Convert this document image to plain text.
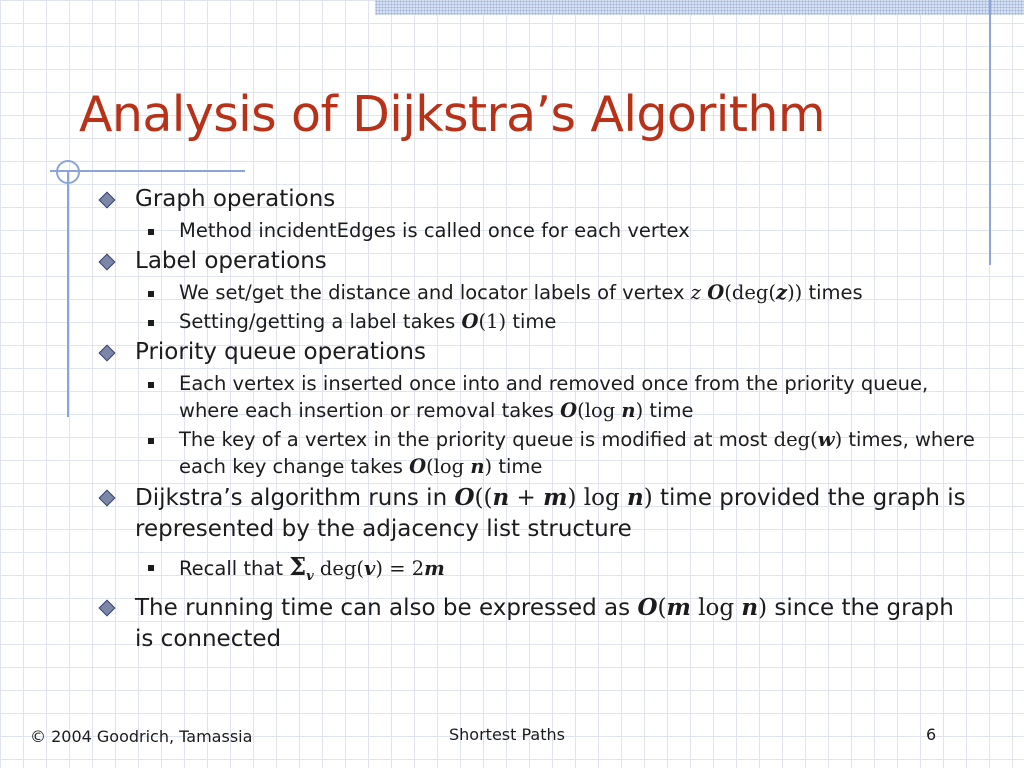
Analysis of Dijkstra’s Algorithm
Graph operations
Method incidentEdges is called once for each vertex
Label operations
We set/get the distance and locator labels of vertex z O(deg(z)) times
Setting/getting a label takes O(1) time
Priority queue operations
Each vertex is inserted once into and removed once from the priority queue, where each insertion or removal takes O(log n) time
The key of a vertex in the priority queue is modified at most deg(w) times, where each key change takes O(log n) time
Dijkstra’s algorithm runs in O((n + m) log n) time provided the graph is represented by the adjacency list structure
Recall that $\Sigma_v$ deg(v) = 2m
The running time can also be expressed as O(m log n) since the graph is connected
© 2004 Goodrich, Tamassia	Shortest Paths	6
